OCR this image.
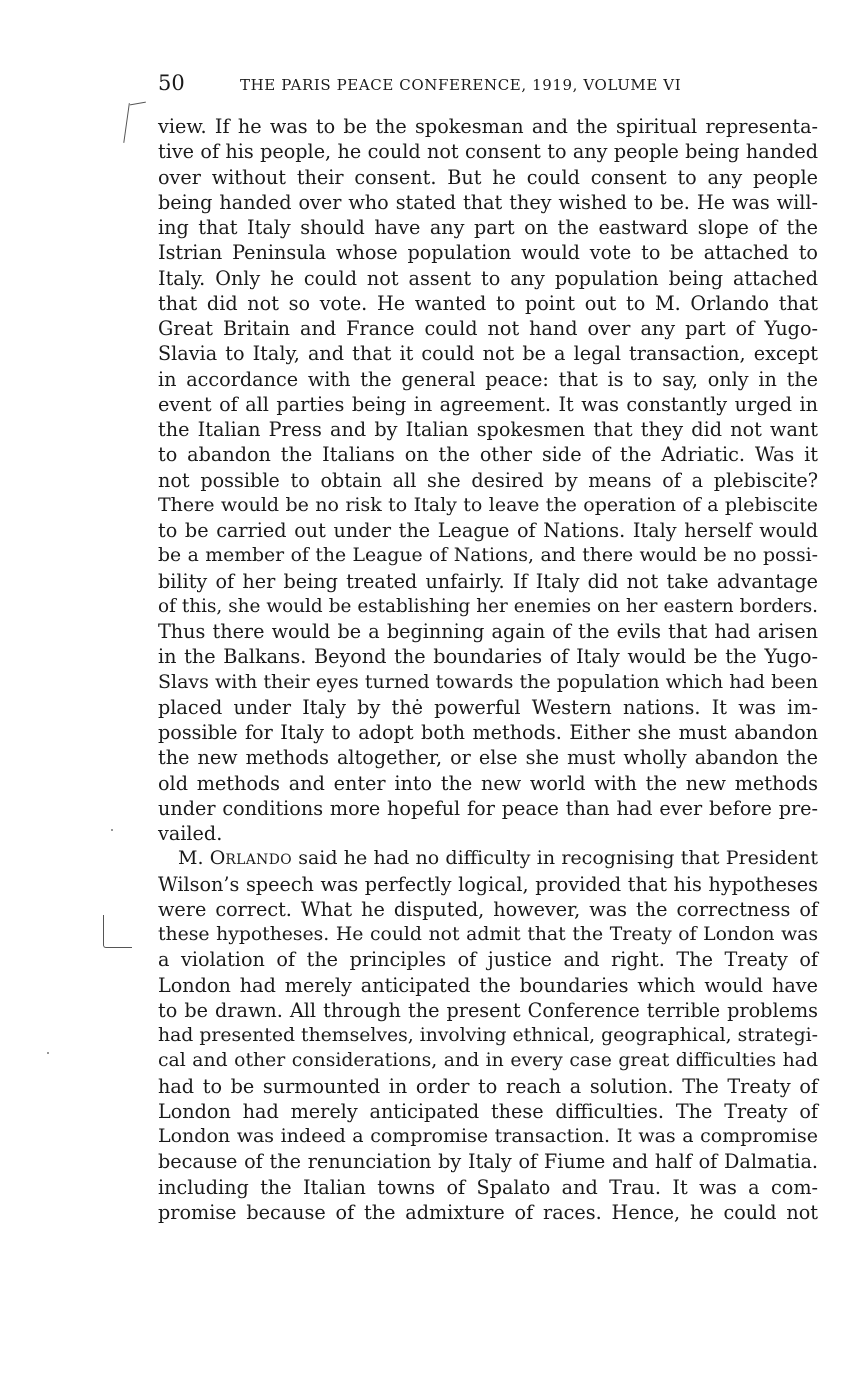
50	THE PARIS PEACE CONFERENCE, 1919, VOLUME VI
view. If he was to be the spokesman and the spiritual representa-
tive of his people, he could not consent to any people being handed
over without their consent. But he could consent to any people
being handed over who stated that they wished to be. He was will-
ing that Italy should have any part on the eastward slope of the
Istrian Peninsula whose population would vote to be attached to
Italy. Only he could not assent to any population being attached
that did not so vote. He wanted to point out to M. Orlando that
Great Britain and France could not hand over any part of Yugo-
Slavia to Italy, and that it could not be a legal transaction, except
in accordance with the general peace: that is to say, only in the
event of all parties being in agreement. It was constantly urged in
the Italian Press and by Italian spokesmen that they did not want
to abandon the Italians on the other side of the Adriatic. Was it
not possible to obtain all she desired by means of a plebiscite?
There would be no risk to Italy to leave the operation of a plebiscite
to be carried out under the League of Nations. Italy herself would
be a member of the League of Nations, and there would be no possi-
bility of her being treated unfairly. If Italy did not take advantage
of this, she would be establishing her enemies on her eastern borders.
Thus there would be a beginning again of the evils that had arisen
in the Balkans. Beyond the boundaries of Italy would be the Yugo-
Slavs with their eyes turned towards the population which had been
placed under Italy by thė powerful Western nations. It was im-
possible for Italy to adopt both methods. Either she must abandon
the new methods altogether, or else she must wholly abandon the
old methods and enter into the new world with the new methods
under conditions more hopeful for peace than had ever before pre-
vailed.
M. ORLANDO said he had no difficulty in recognising that President
Wilson’s speech was perfectly logical, provided that his hypotheses
were correct. What he disputed, however, was the correctness of
these hypotheses. He could not admit that the Treaty of London was
a violation of the principles of justice and right. The Treaty of
London had merely anticipated the boundaries which would have
to be drawn. All through the present Conference terrible problems
had presented themselves, involving ethnical, geographical, strategi-
cal and other considerations, and in every case great difficulties had
had to be surmounted in order to reach a solution. The Treaty of
London had merely anticipated these difficulties. The Treaty of
London was indeed a compromise transaction. It was a compromise
because of the renunciation by Italy of Fiume and half of Dalmatia.
including the Italian towns of Spalato and Trau. It was a com-
promise because of the admixture of races. Hence, he could not
